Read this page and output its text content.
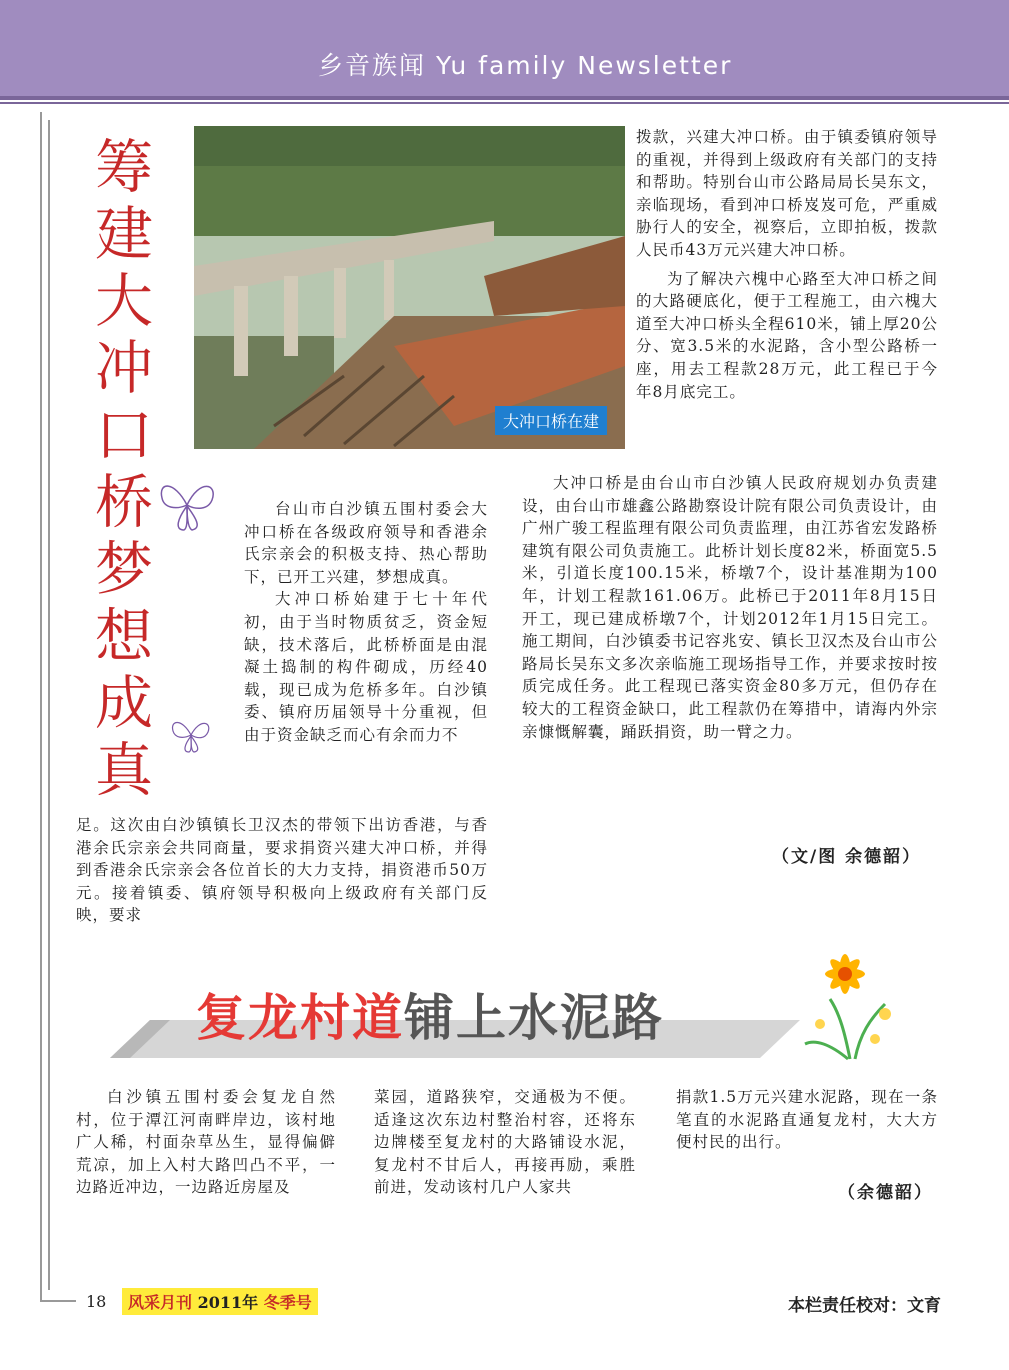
乡音族闻 Yu family Newsletter
筹建大冲口桥梦想成真
大冲口桥在建

拨款，兴建大冲口桥。由于镇委镇府领导的重视，并得到上级政府有关部门的支持和帮助。特别台山市公路局局长吴东文，亲临现场，看到冲口桥岌岌可危，严重威胁行人的安全，视察后，立即拍板，拨款人民币43万元兴建大冲口桥。

为了解决六槐中心路至大冲口桥之间的大路硬底化，便于工程施工，由六槐大道至大冲口桥头全程610米，铺上厚20公分、宽3.5米的水泥路，含小型公路桥一座，用去工程款28万元，此工程已于今年8月底完工。

大冲口桥是由台山市白沙镇人民政府规划办负责建设，由台山市雄鑫公路勘察设计院有限公司负责设计，由广州广骏工程监理有限公司负责监理，由江苏省宏发路桥建筑有限公司负责施工。此桥计划长度82米，桥面宽5.5米，引道长度100.15米，桥墩7个，设计基准期为100年，计划工程款161.06万。此桥已于2011年8月15日开工，现已建成桥墩7个，计划2012年1月15日完工。施工期间，白沙镇委书记容兆安、镇长卫汉杰及台山市公路局长吴东文多次亲临施工现场指导工作，并要求按时按质完成任务。此工程现已落实资金80多万元，但仍存在较大的工程资金缺口，此工程款仍在筹措中，请海内外宗亲慷慨解囊，踊跃捐资，助一臂之力。

台山市白沙镇五围村委会大冲口桥在各级政府领导和香港余氏宗亲会的积极支持、热心帮助下，已开工兴建，梦想成真。

大冲口桥始建于七十年代初，由于当时物质贫乏，资金短缺，技术落后，此桥桥面是由混凝土捣制的构件砌成，历经40载，现已成为危桥多年。白沙镇委、镇府历届领导十分重视，但由于资金缺乏而心有余而力不

足。这次由白沙镇镇长卫汉杰的带领下出访香港，与香港余氏宗亲会共同商量，要求捐资兴建大冲口桥，并得到香港余氏宗亲会各位首长的大力支持，捐资港币50万元。接着镇委、镇府领导积极向上级政府有关部门反映，要求

（文/图 余德韶）
复龙村道铺上水泥路

白沙镇五围村委会复龙自然村，位于潭江河南畔岸边，该村地广人稀，村面杂草丛生，显得偏僻荒凉，加上入村大路凹凸不平，一边路近冲边，一边路近房屋及

菜园，道路狭窄，交通极为不便。适逢这次东边村整治村容，还将东边牌楼至复龙村的大路铺设水泥，复龙村不甘后人，再接再励，乘胜前进，发动该村几户人家共

捐款1.5万元兴建水泥路，现在一条笔直的水泥路直通复龙村，大大方便村民的出行。

（余德韶）
18	风采月刊 2011年 冬季号	本栏责任校对：文育
